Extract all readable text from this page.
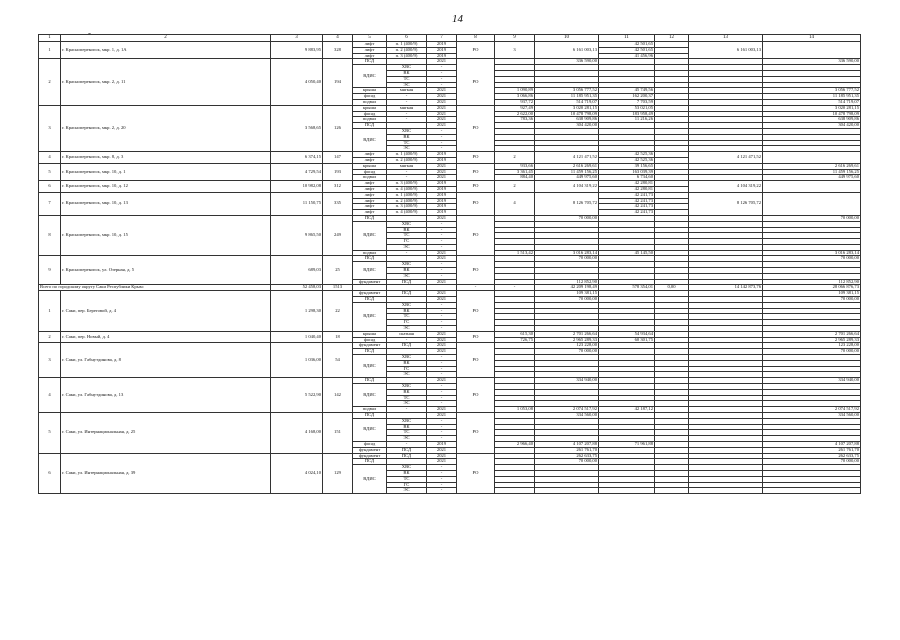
14
-
1	2	3	4	5	6	7	8	9	10	11	12	13	14
1	г. Красноперекопск, мкр. 1, д. 1А	9 883,95	328	лифт	п. 1 (400/9)	2019	РО	3	6 161 003,13	42 501,65		6 161 003,13	
				лифт	п. 2 (400/9)	2019				42 501,65			
				лифт	п. 3 (400/9)	2019				41 456,96			
2	г. Красноперекопск, мкр. 2, д. 11	4 050,40	194	ПСД		2021	РО		336 590,00				336 590,00
				ВДИС	ХВС	-							
					ВК	-							
					ТС	-							
					ЭС	-							
				крыша	мягкая	2021		1 090,89	3 056 777,52	45 749,56			3 056 777,52
				фасад	-	2021		3 066,86	11 185 951,35	162 200,37			11 185 951,35
				подвал	-	2021		937,72	514 719,07	7 703,59			514 719,07
3	г. Красноперекопск, мкр. 2, д. 20	3 568,65	126	крыша	мягкая	2021	РО	927,49	3 020 281,15	53 021,05			3 020 281,15
				фасад	-	2021		2 622,00	10 478 798,09	183 958,49			10 478 798,09
				подвал	-	2021		783,36	638 909,86	11 216,26			638 909,86
				ПСД		2021			304 420,00				304 420,00
				ВДИС	ХВС	-							
					ВК	-							
					ТС	-							
					ЭС	-							
4	г. Красноперекопск, мкр. 8, д. 3	6 374,15	147	лифт	п. 1 (400/9)	2019	РО	2	4 121 471,52	42 525,36		4 121 471,52	
				лифт	п. 2 (400/9)	2019				42 525,36			
5	г. Красноперекопск, мкр. 10, д. 1	4 729,54	193	крыша	мягкая	2021	РО	933,66	2 616 269,61	39 156,65			2 616 269,61
				фасад	-	2021		3 361,45	11 459 156,25	163 039,39			11 459 156,25
				подвал	-	2021		884,40	449 975,60	6 734,60			449 975,60
6	г. Красноперекопск, мкр. 10, д. 12	10 982,08	312	лифт	п. 3 (400/9)	2019	РО	2	4 104 319,22	42 280,81		4 104 319,22	
				лифт	п. 4 (400/9)	2019				42 280,81			
7	г. Красноперекопск, мкр. 10, д. 13	11 150,75	335	лифт	п. 1 (400/9)	2019	РО	4	8 126 705,72	42 241,73		8 126 705,72	
				лифт	п. 2 (400/9)	2019				42 241,73			
				лифт	п. 3 (400/9)	2019				42 241,73			
				лифт	п. 4 (400/9)	2019				42 241,73			
8	г. Красноперекопск, мкр. 10, д. 15	9 865,50	249	ПСД		2021	РО		70 000,00				70 000,00
				ВДИС	ХВС	-							
					ВК	-							
					ТС	-							
					ГС	-							
					ЭС	-							
				подвал	-	2021		1 513,42	3 016 283,14	45 145,50			3 016 283,14
9	г. Красноперекопск, ул. Озерная, д. 5	689,03	25	ПСД		2021	РО		70 000,00				70 000,00
				ВДИС	ХВС	-							
					ВК	-							
					ЭС	-							
				фундамент	ПСД	2021			112 852,90				112 852,90
Всего по городскому округу Саки Республики Крым:		52 458,03	1513				-	-	42 209 198,49	578 354,01	0,00	14 142 873,76	28 066 876,73
1	г. Саки, пер. Береговой, д. 4	1 298,30	22	фундамент	ПСД	2021	РО		109 381,15				109 381,15
				ПСД		2021			70 000,00				70 000,00
				ВДИС	ХВС	-							
					ВК	-							
					ТС	-							
					ГС	-							
					ЭС	-							
2	г. Саки, пер. Новый, д. 4	1 040,40	18	крыша	скатная	2021	РО	615,30	2 701 266,64	54 934,64			2 701 266,64
				фасад	-	2021		726,75	2 965 289,33	60 301,75			2 965 289,33
3	г. Саки, ул. Габнутдинова, д. 8	1 036,00	54	фундамент	ПСД	2021	РО		123 228,00				123 228,00
				ПСД		2021			70 000,00				70 000,00
				ВДИС	ХВС	-							
					ВК	-							
					ГС	-							
					ЭС	-							
4	г. Саки, ул. Габнутдинова, д. 13	5 522,90	142	ПСД		2021	РО		334 940,00				334 940,00
				ВДИС	ХВС	-							
					ВК	-							
					ТС	-							
					ЭС	-							
				подвал	-	2021		1 053,08	2 074 517,92	42 187,12			2 074 517,92
5	г. Саки, ул. Интернациональная, д. 25	4 168,00	151	ПСД		2021	РО		334 560,00				334 560,00
				ВДИС	ХВС	-							
					ВК	-							
					ТС	-							
					ЭС	-							
				фасад	-	2019		2 966,40	4 107 207,88	71 961,88			4 107 207,88
				фундамент	ПСД	2021			261 761,70				261 761,70
6	г. Саки, ул. Интернациональная, д. 39	4 024,10	129	фундамент	ПСД	2021	РО		262 633,75				262 633,75
				ПСД		2021			70 000,00				70 000,00
				ВДИС	ХВС	-							
					ВК	-							
					ТС	-							
					ГС	-							
					ЭС	-							
